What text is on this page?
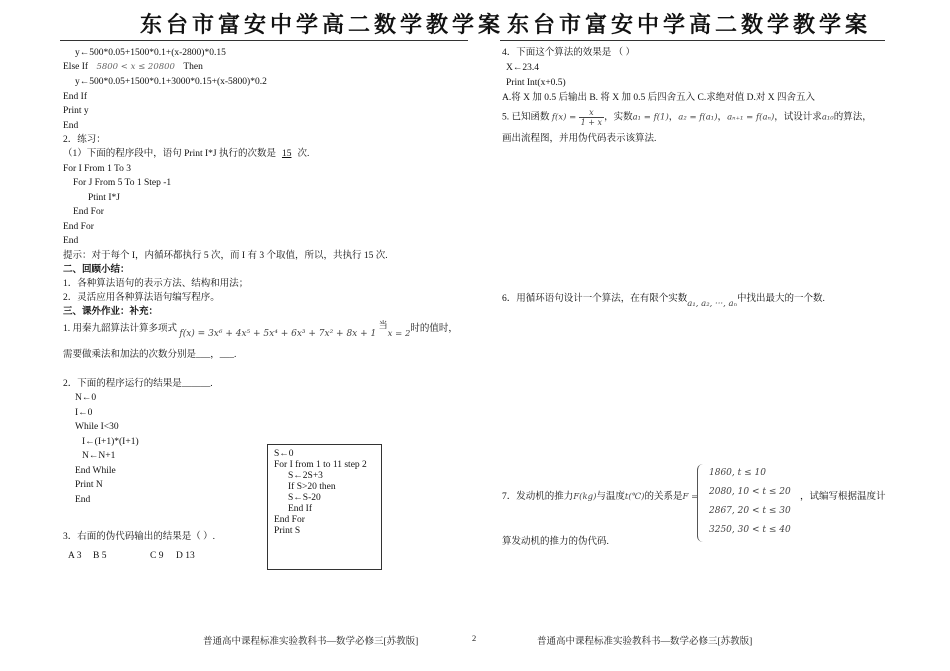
东台市富安中学高二数学教学案 东台市富安中学高二数学教学案
y←500*0.05+1500*0.1+(x-2800)*0.15
Else If 5800 < x ≤ 20800 Then
y←500*0.05+1500*0.1+3000*0.15+(x-5800)*0.2
End If
Print y
End
2．练习：
（1）下面的程序段中，语句 Print I*J 执行的次数是 15 次.
For I From 1 To 3
For J From 5 To 1 Step -1
Ptint I*J
End For
End For
End
提示：对于每个 I，内循环都执行 5 次，而 I 有 3 个取值，所以，共执行 15 次.
二、回顾小结：
1．各种算法语句的表示方法、结构和用法；
2．灵活应用各种算法语句编写程序。
三、课外作业：补充：
1. 用秦九韶算法计算多项式 f(x) = 3x⁶ + 4x⁵ + 5x⁴ + 6x³ + 7x² + 8x + 1 当x = 2时的值时，
需要做乘法和加法的次数分别是___，___.
2．下面的程序运行的结果是______.
N←0
I←0
While I<30
I←(I+1)*(I+1)
N←N+1
End While
Print N
End
3．右面的伪代码输出的结果是（ ）.
A 3 B 5	C 9 D 13
S←0
For I from 1 to 11 step 2
S←2S+3
If S>20 then
S←S-20
End If
End For
Print S
4．下面这个算法的效果是 （ ）
X←23.4
Print Int(x+0.5)
A.将 X 加 0.5 后输出 B. 将 X 加 0.5 后四舍五入 C.求绝对值 D.对 X 四舍五入
5. 已知函数 $f(x) = \frac{x}{1 + x}$ ，实数a₁ = f(1)，a₂ = f(a₁)，aₙ₊₁ = f(aₙ)，试设计求a₁₀的算法，
画出流程图，并用伪代码表示该算法.
6．用循环语句设计一个算法，在有限个实数a₁, a₂, ···, aₙ中找出最大的一个数.
7．发动机的推力F(kg)与温度t(℃)的关系是F =
1860, t ≤ 10
2080, 10 < t ≤ 20
2867, 20 < t ≤ 30
3250, 30 < t ≤ 40
，试编写根据温度计
算发动机的推力的伪代码.
普通高中课程标准实验教科书—数学必修三[苏教版]	2	普通高中课程标准实验教科书—数学必修三[苏教版]
